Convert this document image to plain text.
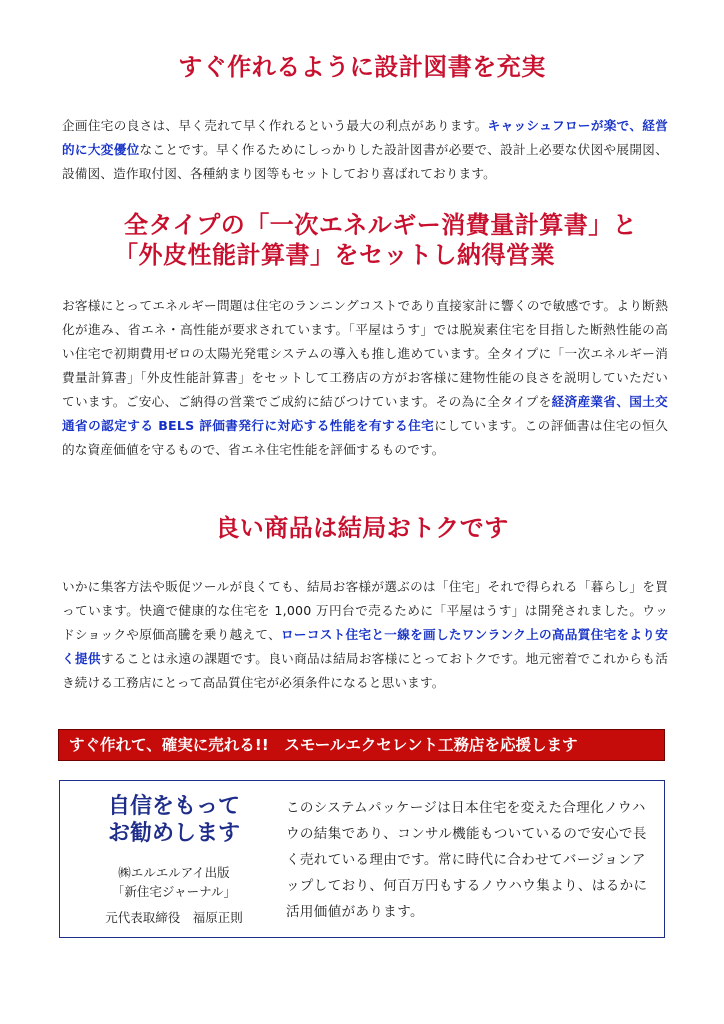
すぐ作れるように設計図書を充実

企画住宅の良さは、早く売れて早く作れるという最大の利点があります。キャッシュフローが楽で、経営的に大変優位なことです。早く作るためにしっかりした設計図書が必要で、設計上必要な伏図や展開図、設備図、造作取付図、各種納まり図等もセットしており喜ばれております。

全タイプの「一次エネルギー消費量計算書」と
「外皮性能計算書」をセットし納得営業

お客様にとってエネルギー問題は住宅のランニングコストであり直接家計に響くので敏感です。より断熱化が進み、省エネ・高性能が要求されています。「平屋はうす」では脱炭素住宅を目指した断熱性能の高い住宅で初期費用ゼロの太陽光発電システムの導入も推し進めています。全タイプに「一次エネルギー消費量計算書」「外皮性能計算書」をセットして工務店の方がお客様に建物性能の良さを説明していただいています。ご安心、ご納得の営業でご成約に結びつけています。その為に全タイプを経済産業省、国土交通省の認定する BELS 評価書発行に対応する性能を有する住宅にしています。この評価書は住宅の恒久的な資産価値を守るもので、省エネ住宅性能を評価するものです。

良い商品は結局おトクです

いかに集客方法や販促ツールが良くても、結局お客様が選ぶのは「住宅」それで得られる「暮らし」を買っています。快適で健康的な住宅を 1,000 万円台で売るために「平屋はうす」は開発されました。ウッドショックや原価高騰を乗り越えて、ローコスト住宅と一線を画したワンランク上の高品質住宅をより安く提供することは永遠の課題です。良い商品は結局お客様にとっておトクです。地元密着でこれからも活き続ける工務店にとって高品質住宅が必須条件になると思います。

すぐ作れて、確実に売れる!!　スモールエクセレント工務店を応援します

自信をもって
お勧めします

㈱エルエルアイ出版
「新住宅ジャーナル」

元代表取締役　福原正則

このシステムパッケージは日本住宅を変えた合理化ノウハウの結集であり、コンサル機能もついているので安心で長く売れている理由です。常に時代に合わせてバージョンアップしており、何百万円もするノウハウ集より、はるかに活用価値があります。
